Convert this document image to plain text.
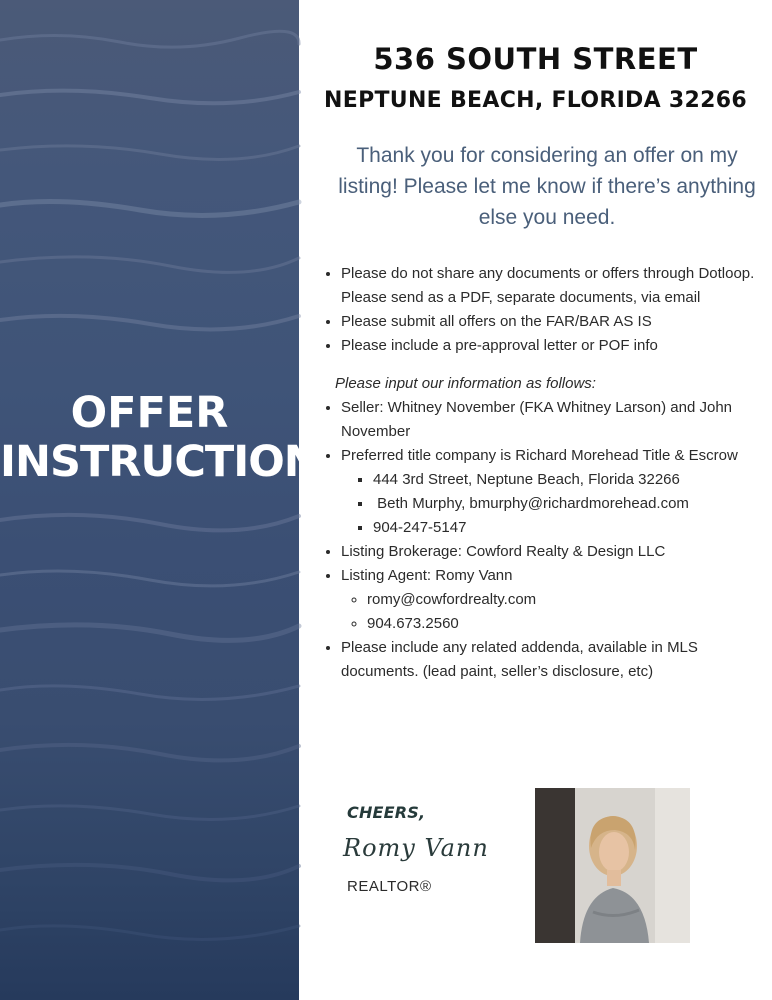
OFFER
INSTRUCTIONS
536 SOUTH STREET
NEPTUNE BEACH, FLORIDA 32266
Thank you for considering an offer on my listing! Please let me know if there’s anything else you need.
• Please do not share any documents or offers through Dotloop. Please send as a PDF, separate documents, via email
• Please submit all offers on the FAR/BAR AS IS
• Please include a pre-approval letter or POF info
Please input our information as follows:
• Seller: Whitney November (FKA Whitney Larson) and John November
• Preferred title company is Richard Morehead Title & Escrow
▪ 444 3rd Street, Neptune Beach, Florida 32266
▪  Beth Murphy, bmurphy@richardmorehead.com
▪ 904-247-5147
• Listing Brokerage: Cowford Realty & Design LLC
• Listing Agent: Romy Vann
◦ romy@cowfordrealty.com
◦ 904.673.2560
• Please include any related addenda, available in MLS documents. (lead paint, seller’s disclosure, etc)
CHEERS,
Romy Vann
REALTOR®
